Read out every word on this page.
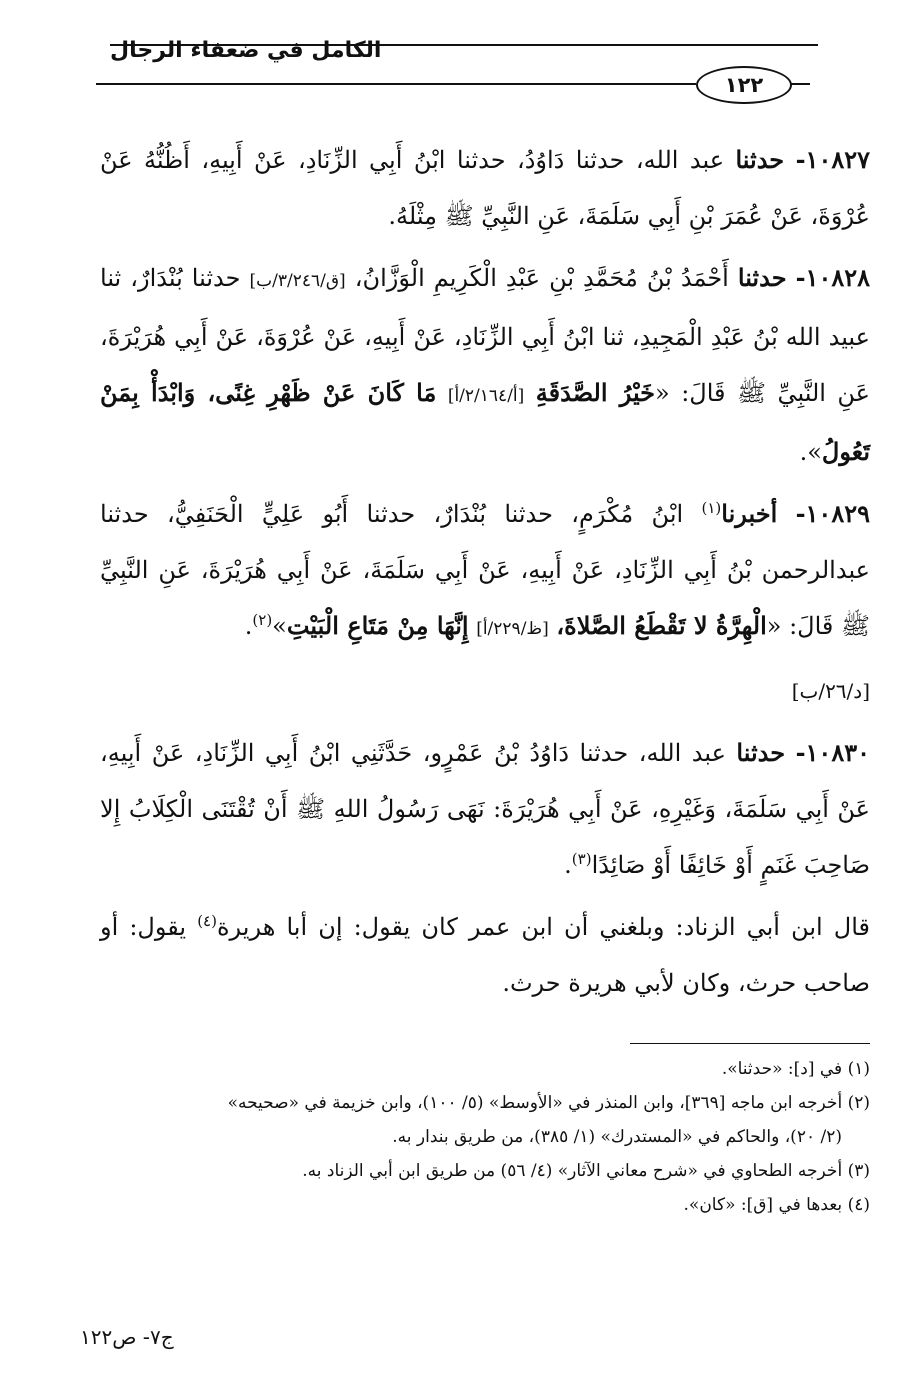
الكامل في ضعفاء الرجال
١٢٢

١٠٨٢٧- حدثنا عبد الله، حدثنا دَاوُدُ، حدثنا ابْنُ أَبِي الزِّنَادِ، عَنْ أَبِيهِ، أَظُنُّهُ عَنْ عُرْوَةَ، عَنْ عُمَرَ بْنِ أَبِي سَلَمَةَ، عَنِ النَّبِيِّ ﷺ مِثْلَهُ.

١٠٨٢٨- حدثنا أَحْمَدُ بْنُ مُحَمَّدِ بْنِ عَبْدِ الْكَرِيمِ الْوَزَّانُ، [ق/٣/٢٤٦/ب] حدثنا بُنْدَارٌ، ثنا عبيد الله بْنُ عَبْدِ الْمَجِيدِ، ثنا ابْنُ أَبِي الزِّنَادِ، عَنْ أَبِيهِ، عَنْ عُرْوَةَ، عَنْ أَبِي هُرَيْرَةَ، عَنِ النَّبِيِّ ﷺ قَالَ: «خَيْرُ الصَّدَقَةِ [أ/٢/١٦٤/أ] مَا كَانَ عَنْ ظَهْرِ غِنًى، وَابْدَأْ بِمَنْ تَعُولُ».

١٠٨٢٩- أخبرنا$^{(١)}$ ابْنُ مُكْرَمٍ، حدثنا بُنْدَارٌ، حدثنا أَبُو عَلِيٍّ الْحَنَفِيُّ، حدثنا عبدالرحمن بْنُ أَبِي الزِّنَادِ، عَنْ أَبِيهِ، عَنْ أَبِي سَلَمَةَ، عَنْ أَبِي هُرَيْرَةَ، عَنِ النَّبِيِّ ﷺ قَالَ: «الْهِرَّةُ لا تَقْطَعُ الصَّلاةَ، [ظ/٢٢٩/أ] إِنَّهَا مِنْ مَتَاعِ الْبَيْتِ»$^{(٢)}$.

[د/٢٦/ب]

١٠٨٣٠- حدثنا عبد الله، حدثنا دَاوُدُ بْنُ عَمْرٍو، حَدَّثَنِي ابْنُ أَبِي الزِّنَادِ، عَنْ أَبِيهِ، عَنْ أَبِي سَلَمَةَ، وَغَيْرِهِ، عَنْ أَبِي هُرَيْرَةَ: نَهَى رَسُولُ اللهِ ﷺ أَنْ تُقْتَنَى الْكِلَابُ إِلا صَاحِبَ غَنَمٍ أَوْ خَائِفًا أَوْ صَائِدًا$^{(٣)}$.

قال ابن أبي الزناد: وبلغني أن ابن عمر كان يقول: إن أبا هريرة$^{(٤)}$ يقول: أو صاحب حرث، وكان لأبي هريرة حرث.

(١) في [د]: «حدثنا».

(٢) أخرجه ابن ماجه [٣٦٩]، وابن المنذر في «الأوسط» (٥/ ١٠٠)، وابن خزيمة في «صحيحه»

(٢/ ٢٠)، والحاكم في «المستدرك» (١/ ٣٨٥)، من طريق بندار به.

(٣) أخرجه الطحاوي في «شرح معاني الآثار» (٤/ ٥٦) من طريق ابن أبي الزناد به.

(٤) بعدها في [ق]: «كان».

ج٧- ص١٢٢
